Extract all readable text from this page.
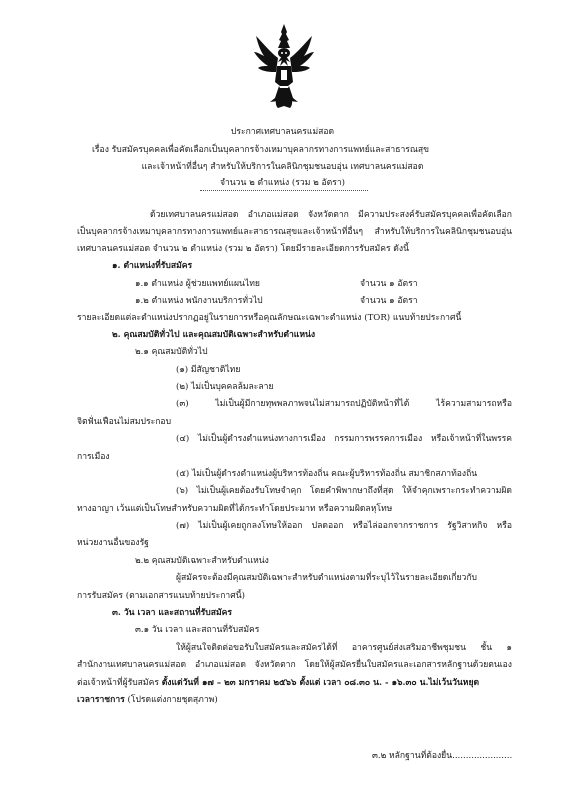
ประกาศเทศบาลนครแม่สอด
เรื่อง รับสมัครบุคคลเพื่อคัดเลือกเป็นบุคลากรจ้างเหมาบุคลากรทางการแพทย์และสาธารณสุข
และเจ้าหน้าที่อื่นๆ สำหรับให้บริการในคลินิกชุมชนอบอุ่น เทศบาลนครแม่สอด
จำนวน ๒ ตำแหน่ง (รวม ๒ อัตรา)
ด้วยเทศบาลนครแม่สอด อำเภอแม่สอด จังหวัดตาก มีความประสงค์รับสมัครบุคคลเพื่อคัดเลือก
เป็นบุคลากรจ้างเหมาบุคลากรทางการแพทย์และสาธารณสุขและเจ้าหน้าที่อื่นๆ สำหรับให้บริการในคลินิกชุมชนอบอุ่น
เทศบาลนครแม่สอด จำนวน ๒ ตำแหน่ง (รวม ๒ อัตรา) โดยมีรายละเอียดการรับสมัคร ดังนี้
๑. ตำแหน่งที่รับสมัคร
๑.๑ ตำแหน่ง ผู้ช่วยแพทย์แผนไทย	จำนวน ๑ อัตรา
๑.๒ ตำแหน่ง พนักงานบริการทั่วไป	จำนวน ๑ อัตรา
รายละเอียดแต่ละตำแหน่งปรากฏอยู่ในรายการหรือคุณลักษณะเฉพาะตำแหน่ง (TOR) แนบท้ายประกาศนี้
๒. คุณสมบัติทั่วไป และคุณสมบัติเฉพาะสำหรับตำแหน่ง
๒.๑ คุณสมบัติทั่วไป
(๑) มีสัญชาติไทย
(๒) ไม่เป็นบุคคลล้มละลาย
(๓) ไม่เป็นผู้มีกายทุพพลภาพจนไม่สามารถปฏิบัติหน้าที่ได้ ไร้ความสามารถหรือ
จิตฟั่นเฟือนไม่สมประกอบ
(๔) ไม่เป็นผู้ดำรงตำแหน่งทางการเมือง กรรมการพรรคการเมือง หรือเจ้าหน้าที่ในพรรค
การเมือง
(๕) ไม่เป็นผู้ดำรงตำแหน่งผู้บริหารท้องถิ่น คณะผู้บริหารท้องถิ่น สมาชิกสภาท้องถิ่น
(๖) ไม่เป็นผู้เคยต้องรับโทษจำคุก โดยคำพิพากษาถึงที่สุด ให้จำคุกเพราะกระทำความผิด
ทางอาญา เว้นแต่เป็นโทษสำหรับความผิดที่ได้กระทำโดยประมาท หรือความผิดลหุโทษ
(๗) ไม่เป็นผู้เคยถูกลงโทษให้ออก ปลดออก หรือไล่ออกจากราชการ รัฐวิสาหกิจ หรือ
หน่วยงานอื่นของรัฐ
๒.๒ คุณสมบัติเฉพาะสำหรับตำแหน่ง
ผู้สมัครจะต้องมีคุณสมบัติเฉพาะสำหรับตำแหน่งตามที่ระบุไว้ในรายละเอียดเกี่ยวกับ
การรับสมัคร (ตามเอกสารแนบท้ายประกาศนี้)
๓. วัน เวลา และสถานที่รับสมัคร
๓.๑ วัน เวลา และสถานที่รับสมัคร
ให้ผู้สนใจติดต่อขอรับใบสมัครและสมัครได้ที่ อาคารศูนย์ส่งเสริมอาชีพชุมชน ชั้น ๑
สำนักงานเทศบาลนครแม่สอด อำเภอแม่สอด จังหวัดตาก โดยให้ผู้สมัครยื่นใบสมัครและเอกสารหลักฐานด้วยตนเอง
ต่อเจ้าหน้าที่ผู้รับสมัคร ตั้งแต่วันที่ ๑๗ – ๒๓ มกราคม ๒๕๖๖ ตั้งแต่ เวลา ๐๘.๓๐ น. - ๑๖.๓๐ น.ไม่เว้นวันหยุด
เวลาราชการ (โปรดแต่งกายชุดสุภาพ)
๓.๒ หลักฐานที่ต้องยื่น......................
